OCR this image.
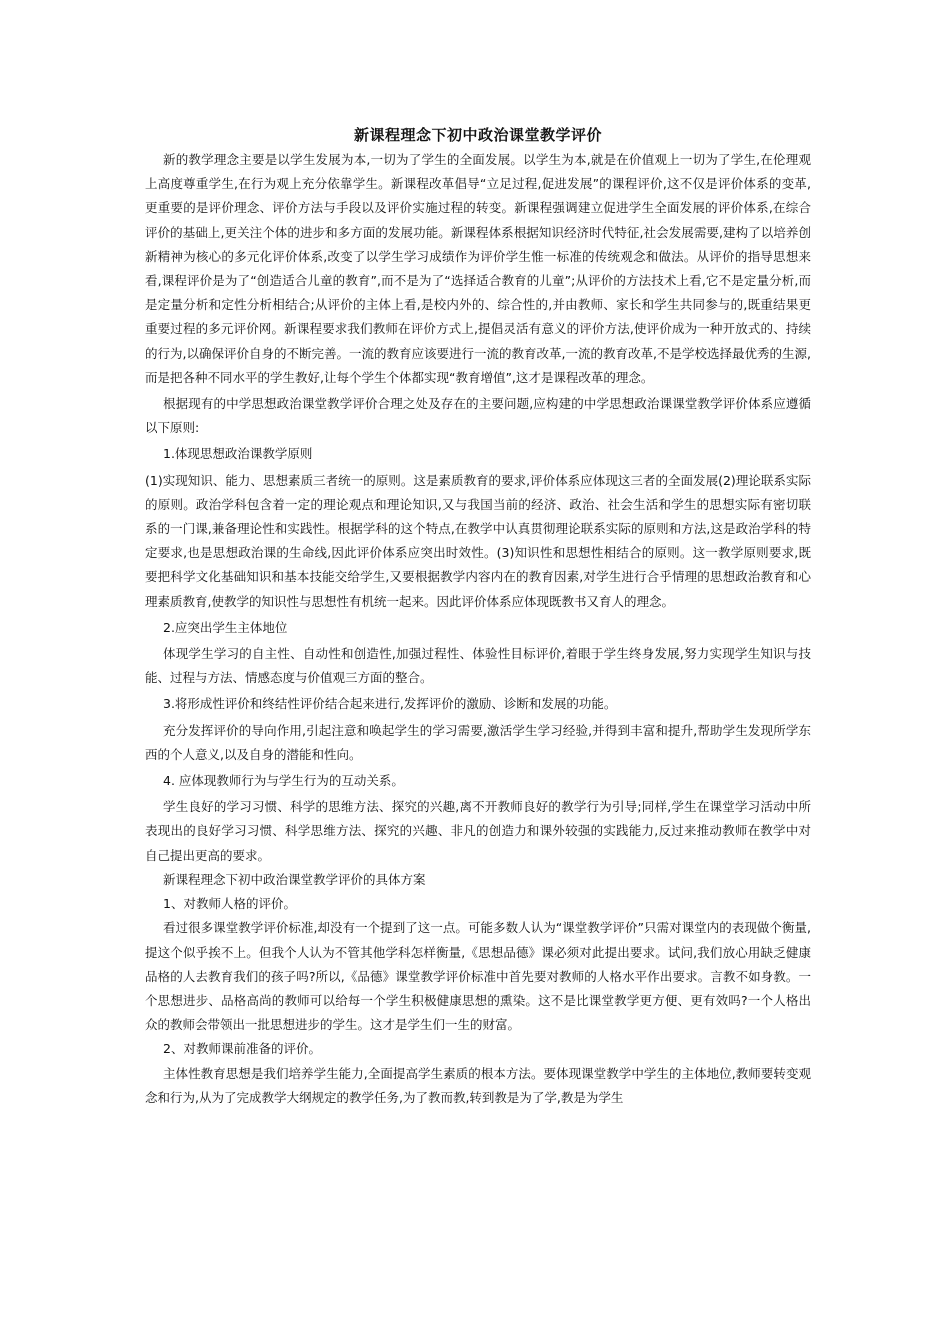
新课程理念下初中政治课堂教学评价

新的教学理念主要是以学生发展为本,一切为了学生的全面发展。以学生为本,就是在价值观上一切为了学生,在伦理观上高度尊重学生,在行为观上充分依靠学生。新课程改革倡导“立足过程,促进发展”的课程评价,这不仅是评价体系的变革,更重要的是评价理念、评价方法与手段以及评价实施过程的转变。新课程强调建立促进学生全面发展的评价体系,在综合评价的基础上,更关注个体的进步和多方面的发展功能。新课程体系根据知识经济时代特征,社会发展需要,建构了以培养创新精神为核心的多元化评价体系,改变了以学生学习成绩作为评价学生惟一标准的传统观念和做法。从评价的指导思想来看,课程评价是为了“创造适合儿童的教育”,而不是为了“选择适合教育的儿童”;从评价的方法技术上看,它不是定量分析,而是定量分析和定性分析相结合;从评价的主体上看,是校内外的、综合性的,并由教师、家长和学生共同参与的,既重结果更重要过程的多元评价网。新课程要求我们教师在评价方式上,提倡灵活有意义的评价方法,使评价成为一种开放式的、持续的行为,以确保评价自身的不断完善。一流的教育应该要进行一流的教育改革,一流的教育改革,不是学校选择最优秀的生源,而是把各种不同水平的学生教好,让每个学生个体都实现“教育增值”,这才是课程改革的理念。

根据现有的中学思想政治课堂教学评价合理之处及存在的主要问题,应构建的中学思想政治课课堂教学评价体系应遵循以下原则:

1.体现思想政治课教学原则

(1)实现知识、能力、思想素质三者统一的原则。这是素质教育的要求,评价体系应体现这三者的全面发展(2)理论联系实际的原则。政治学科包含着一定的理论观点和理论知识,又与我国当前的经济、政治、社会生活和学生的思想实际有密切联系的一门课,兼备理论性和实践性。根据学科的这个特点,在教学中认真贯彻理论联系实际的原则和方法,这是政治学科的特定要求,也是思想政治课的生命线,因此评价体系应突出时效性。(3)知识性和思想性相结合的原则。这一教学原则要求,既要把科学文化基础知识和基本技能交给学生,又要根据教学内容内在的教育因素,对学生进行合乎情理的思想政治教育和心理素质教育,使教学的知识性与思想性有机统一起来。因此评价体系应体现既教书又育人的理念。

2.应突出学生主体地位

体现学生学习的自主性、自动性和创造性,加强过程性、体验性目标评价,着眼于学生终身发展,努力实现学生知识与技能、过程与方法、情感态度与价值观三方面的整合。

3.将形成性评价和终结性评价结合起来进行,发挥评价的激励、诊断和发展的功能。

充分发挥评价的导向作用,引起注意和唤起学生的学习需要,激活学生学习经验,并得到丰富和提升,帮助学生发现所学东西的个人意义,以及自身的潜能和性向。

4. 应体现教师行为与学生行为的互动关系。

学生良好的学习习惯、科学的思维方法、探究的兴趣,离不开教师良好的教学行为引导;同样,学生在课堂学习活动中所表现出的良好学习习惯、科学思维方法、探究的兴趣、非凡的创造力和课外较强的实践能力,反过来推动教师在教学中对自己提出更高的要求。

新课程理念下初中政治课堂教学评价的具体方案

1、对教师人格的评价。

看过很多课堂教学评价标准,却没有一个提到了这一点。可能多数人认为“课堂教学评价”只需对课堂内的表现做个衡量,提这个似乎挨不上。但我个人认为不管其他学科怎样衡量,《思想品德》课必须对此提出要求。试问,我们放心用缺乏健康品格的人去教育我们的孩子吗?所以,《品德》课堂教学评价标准中首先要对教师的人格水平作出要求。言教不如身教。一个思想进步、品格高尚的教师可以给每一个学生积极健康思想的熏染。这不是比课堂教学更方便、更有效吗?一个人格出众的教师会带领出一批思想进步的学生。这才是学生们一生的财富。

2、对教师课前准备的评价。

主体性教育思想是我们培养学生能力,全面提高学生素质的根本方法。要体现课堂教学中学生的主体地位,教师要转变观念和行为,从为了完成教学大纲规定的教学任务,为了教而教,转到教是为了学,教是为学生
